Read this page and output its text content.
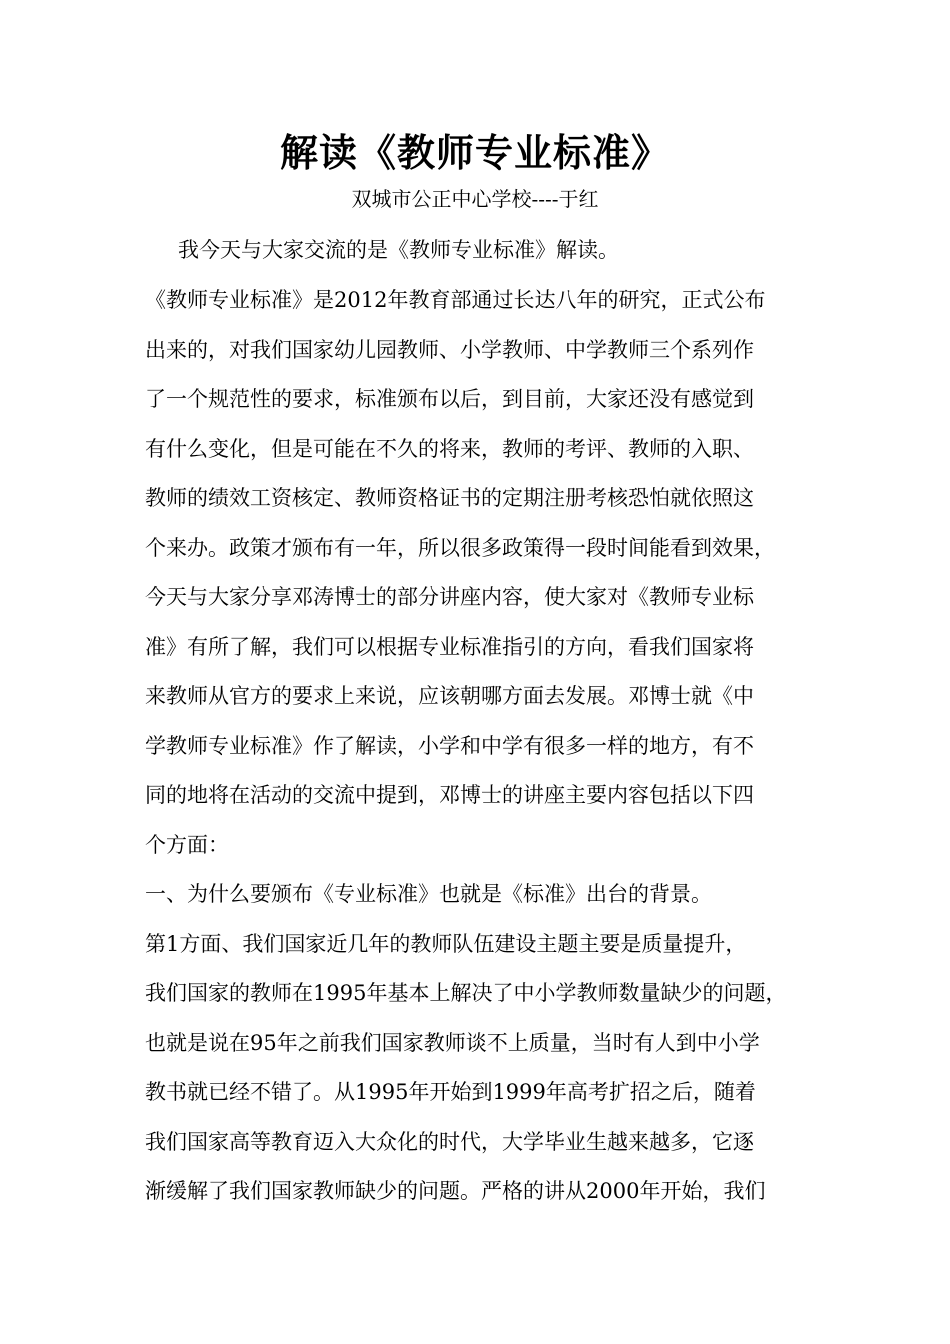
解读《教师专业标准》
双城市公正中心学校----于红
我今天与大家交流的是《教师专业标准》解读。
《教师专业标准》是2012年教育部通过长达八年的研究，正式公布
出来的，对我们国家幼儿园教师、小学教师、中学教师三个系列作
了一个规范性的要求，标准颁布以后，到目前，大家还没有感觉到
有什么变化，但是可能在不久的将来，教师的考评、教师的入职、
教师的绩效工资核定、教师资格证书的定期注册考核恐怕就依照这
个来办。政策才颁布有一年，所以很多政策得一段时间能看到效果，
今天与大家分享邓涛博士的部分讲座内容，使大家对《教师专业标
准》有所了解，我们可以根据专业标准指引的方向，看我们国家将
来教师从官方的要求上来说，应该朝哪方面去发展。邓博士就《中
学教师专业标准》作了解读，小学和中学有很多一样的地方，有不
同的地将在活动的交流中提到，邓博士的讲座主要内容包括以下四
个方面：
一、为什么要颁布《专业标准》也就是《标准》出台的背景。
第1方面、我们国家近几年的教师队伍建设主题主要是质量提升，
我们国家的教师在1995年基本上解决了中小学教师数量缺少的问题，
也就是说在95年之前我们国家教师谈不上质量，当时有人到中小学
教书就已经不错了。从1995年开始到1999年高考扩招之后，随着
我们国家高等教育迈入大众化的时代，大学毕业生越来越多，它逐
渐缓解了我们国家教师缺少的问题。严格的讲从2000年开始，我们
